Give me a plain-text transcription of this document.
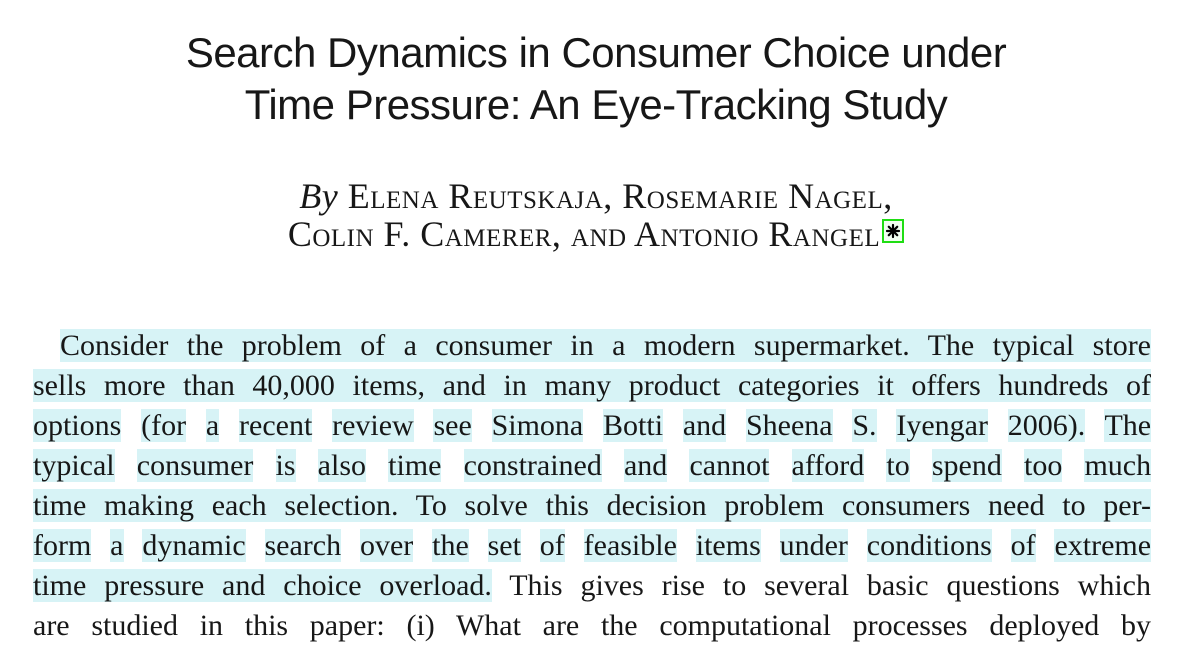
Search Dynamics in Consumer Choice under
Time Pressure: An Eye-Tracking Study
By Elena Reutskaja, Rosemarie Nagel,
Colin F. Camerer, and Antonio Rangel
Consider the problem of a consumer in a modern supermarket. The typical store
sells more than 40,000 items, and in many product categories it offers hundreds of
options (for a recent review see Simona Botti and Sheena S. Iyengar 2006). The
typical consumer is also time constrained and cannot afford to spend too much
time making each selection. To solve this decision problem consumers need to per-
form a dynamic search over the set of feasible items under conditions of extreme
time pressure and choice overload. This gives rise to several basic questions which
are studied in this paper: (i) What are the computational processes deployed by
